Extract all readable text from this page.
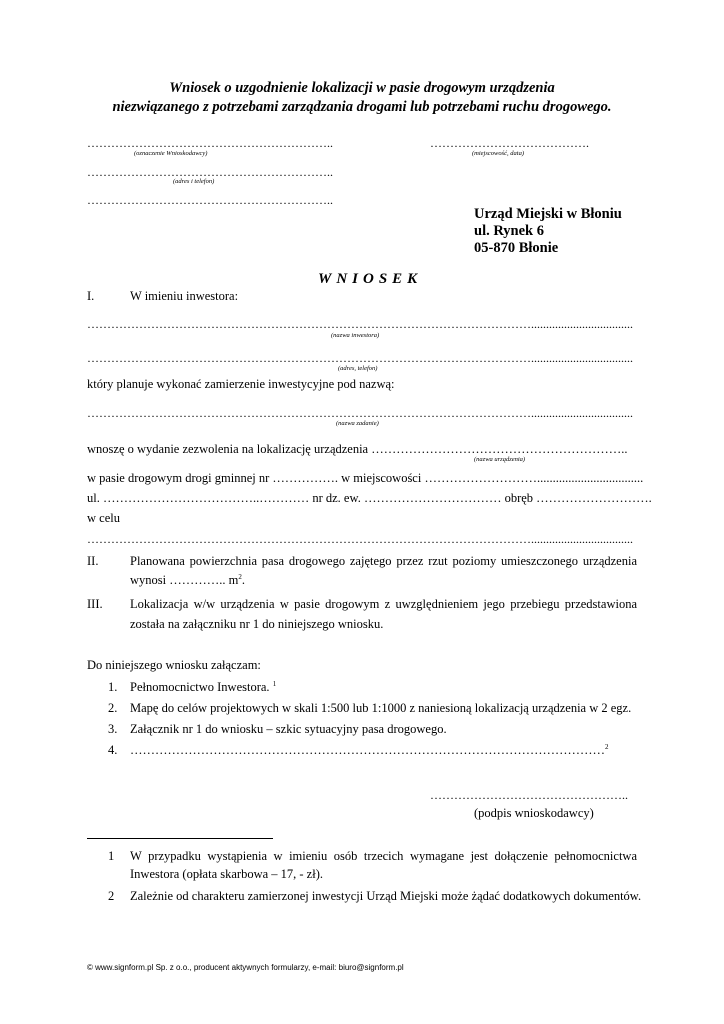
Wniosek o uzgodnienie lokalizacji w pasie drogowym urządzenia
niezwiązanego z potrzebami zarządzania drogami lub potrzebami ruchu drogowego.
……………………………………………………..
(oznaczenie Wnioskodawcy)
………………………………….
(miejscowość, data)
……………………………………………………..
(adres i telefon)
……………………………………………………..
Urząd Miejski w Błoniu
ul. Rynek 6
05-870 Błonie
WNIOSEK
I.	W imieniu inwestora:
…………………………………………………………………………………………………..................................
(nazwa inwestora)
…………………………………………………………………………………………………..................................
(adres, telefon)
który planuje wykonać zamierzenie inwestycyjne pod nazwą:
…………………………………………………………………………………………………..................................
(nazwa zadanie)
wnoszę o wydanie zezwolenia na lokalizację urządzenia ……………………………………………………..
(nazwa urządzenia)
w pasie drogowym drogi gminnej nr ……………. w miejscowości ………………………..................................
ul. ………………………………..………… nr dz. ew. …………………………… obręb ……………………….
w celu
…………………………………………………………………………………………………..................................
II.	Planowana powierzchnia pasa drogowego zajętego przez rzut poziomy umieszczonego urządzenia
wynosi ………….. $m^2$.
III. Lokalizacja w/w urządzenia w pasie drogowym z uwzględnieniem jego przebiegu przedstawiona
została na załączniku nr 1 do niniejszego wniosku.
Do niniejszego wniosku załączam:
1. Pełnomocnictwo Inwestora. $^1$
2. Mapę do celów projektowych w skali 1:500 lub 1:1000 z naniesioną lokalizacją urządzenia w 2 egz.
3. Załącznik nr 1 do wniosku – szkic sytuacyjny pasa drogowego.
4. ……………………………………………………………………………………………………$^2$
…………………………………………..
(podpis wnioskodawcy)
1 W przypadku wystąpienia w imieniu osób trzecich wymagane jest dołączenie pełnomocnictwa
Inwestora (opłata skarbowa – 17, - zł).
2 Zależnie od charakteru zamierzonej inwestycji Urząd Miejski może żądać dodatkowych dokumentów.
© www.signform.pl Sp. z o.o., producent aktywnych formularzy, e-mail: biuro@signform.pl
